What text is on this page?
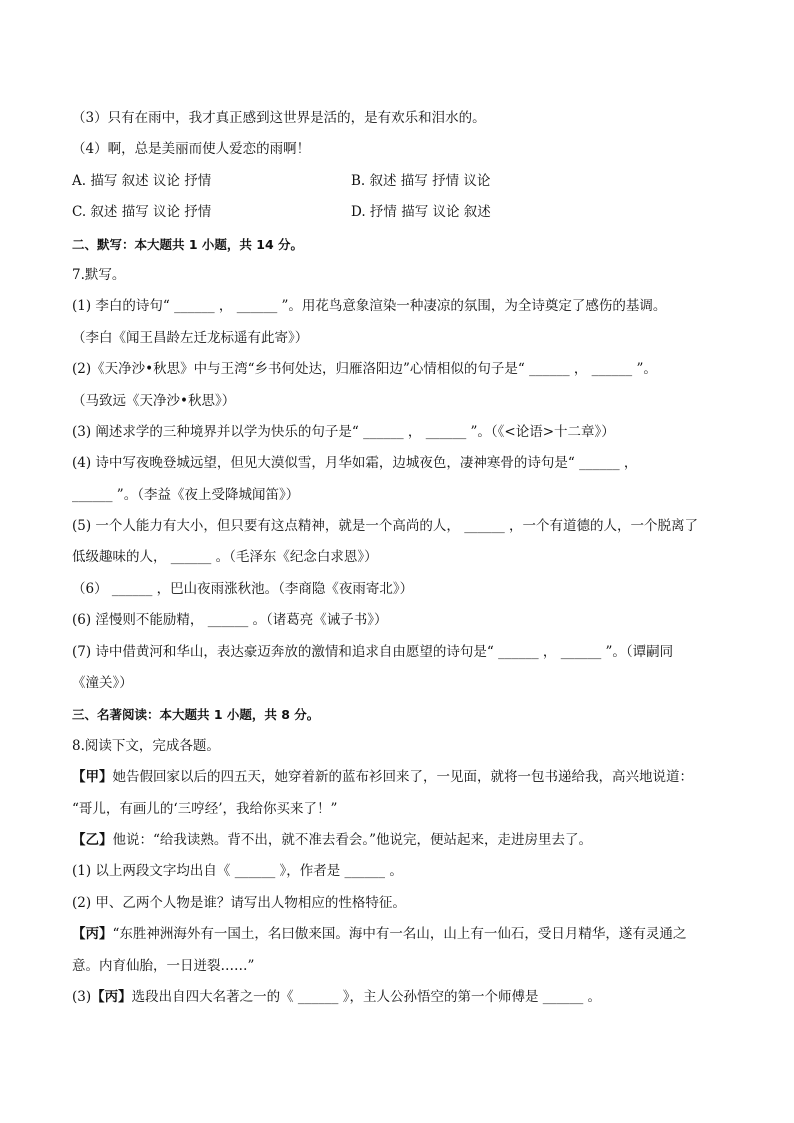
（3）只有在雨中，我才真正感到这世界是活的，是有欢乐和泪水的。
（4）啊，总是美丽而使人爱恋的雨啊！
A. 描写 叙述 议论 抒情	B. 叙述 描写 抒情 议论
C. 叙述 描写 议论 抒情	D. 抒情 描写 议论 叙述
二、默写：本大题共 1 小题，共 14 分。
7.默写。
(1) 李白的诗句“ ______ ， ______ ”。用花鸟意象渲染一种凄凉的氛围，为全诗奠定了感伤的基调。
（李白《闻王昌龄左迁龙标遥有此寄》）
(2)《天净沙•秋思》中与王湾“乡书何处达，归雁洛阳边”心情相似的句子是“ ______ ， ______ ”。
（马致远《天净沙•秋思》）
(3) 阐述求学的三种境界并以学为快乐的句子是“ ______ ， ______ ”。（《<论语>十二章》）
(4) 诗中写夜晚登城远望，但见大漠似雪，月华如霜，边城夜色，凄神寒骨的诗句是“ ______ ，
______ ”。（李益《夜上受降城闻笛》）
(5) 一个人能力有大小，但只要有这点精神，就是一个高尚的人， ______ ，一个有道德的人，一个脱离了
低级趣味的人， ______ 。（毛泽东《纪念白求恩》）
（6） ______ ，巴山夜雨涨秋池。（李商隐《夜雨寄北》）
(6) 淫慢则不能励精， ______ 。（诸葛亮《诫子书》）
(7) 诗中借黄河和华山，表达豪迈奔放的激情和追求自由愿望的诗句是“ ______ ， ______ ”。（谭嗣同
《潼关》）
三、名著阅读：本大题共 1 小题，共 8 分。
8.阅读下文，完成各题。
【甲】她告假回家以后的四五天，她穿着新的蓝布衫回来了，一见面，就将一包书递给我，高兴地说道：
“哥儿，有画儿的‘三哼经’，我给你买来了！”
【乙】他说：“给我读熟。背不出，就不准去看会。”他说完，便站起来，走进房里去了。
(1) 以上两段文字均出自《 ______ 》，作者是 ______ 。
(2) 甲、乙两个人物是谁？请写出人物相应的性格特征。
【丙】“东胜神洲海外有一国土，名曰傲来国。海中有一名山，山上有一仙石，受日月精华，遂有灵通之
意。内育仙胎，一日迸裂……”
(3)【丙】选段出自四大名著之一的《 ______ 》，主人公孙悟空的第一个师傅是 ______ 。
